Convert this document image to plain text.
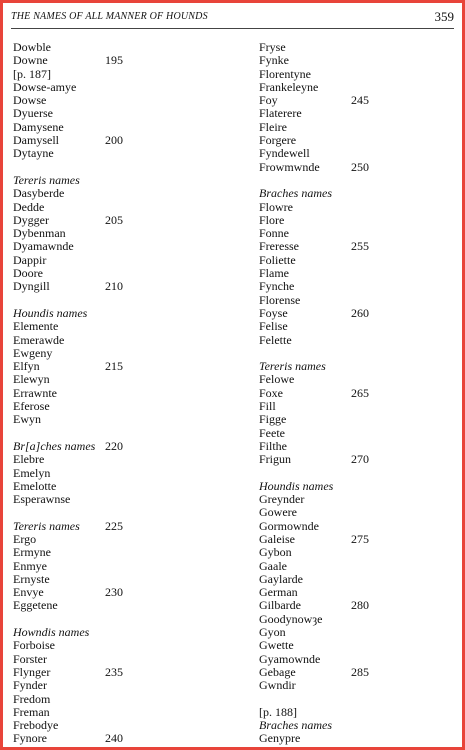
THE NAMES OF ALL MANNER OF HOUNDS	359
Dowble
Downe	195
[p. 187]
Dowse-amye
Dowse
Dyuerse
Damysene
Damysell	200
Dytayne
Tereris names
Dasyberde
Dedde
Dygger	205
Dybenman
Dyamawnde
Dappir
Doore
Dyngill	210
Houndis names
Elemente
Emerawde
Ewgeny
Elfyn	215
Elewyn
Errawnte
Eferose
Ewyn
Br[a]ches names 220
Elebre
Emelyn
Emelotte
Esperawnse
Tereris names 225
Ergo
Ermyne
Enmye
Ernyste
Envye	230
Eggetene
Howndis names
Forboise
Forster
Flynger	235
Fynder
Fredom
Freman
Frebodye
Fynore	240
Fryse
Fynke
Florentyne
Frankeleyne
Foy	245
Flaterere
Fleire
Forgere
Fyndewell
Frowmwnde	250
Braches names
Flowre
Flore
Fonne
Freresse	255
Foliette
Flame
Fynche
Florense
Foyse	260
Felise
Felette
Tereris names
Felowe
Foxe	265
Fill
Figge
Feete
Filthe
Frigun	270
Houndis names
Greynder
Gowere
Gormownde
Galeise	275
Gybon
Gaale
Gaylarde
German
Gilbarde	280
Goodynowȝe
Gyon
Gwette
Gyamownde
Gebage	285
Gwndir
[p. 188]
Braches names
Genypre
